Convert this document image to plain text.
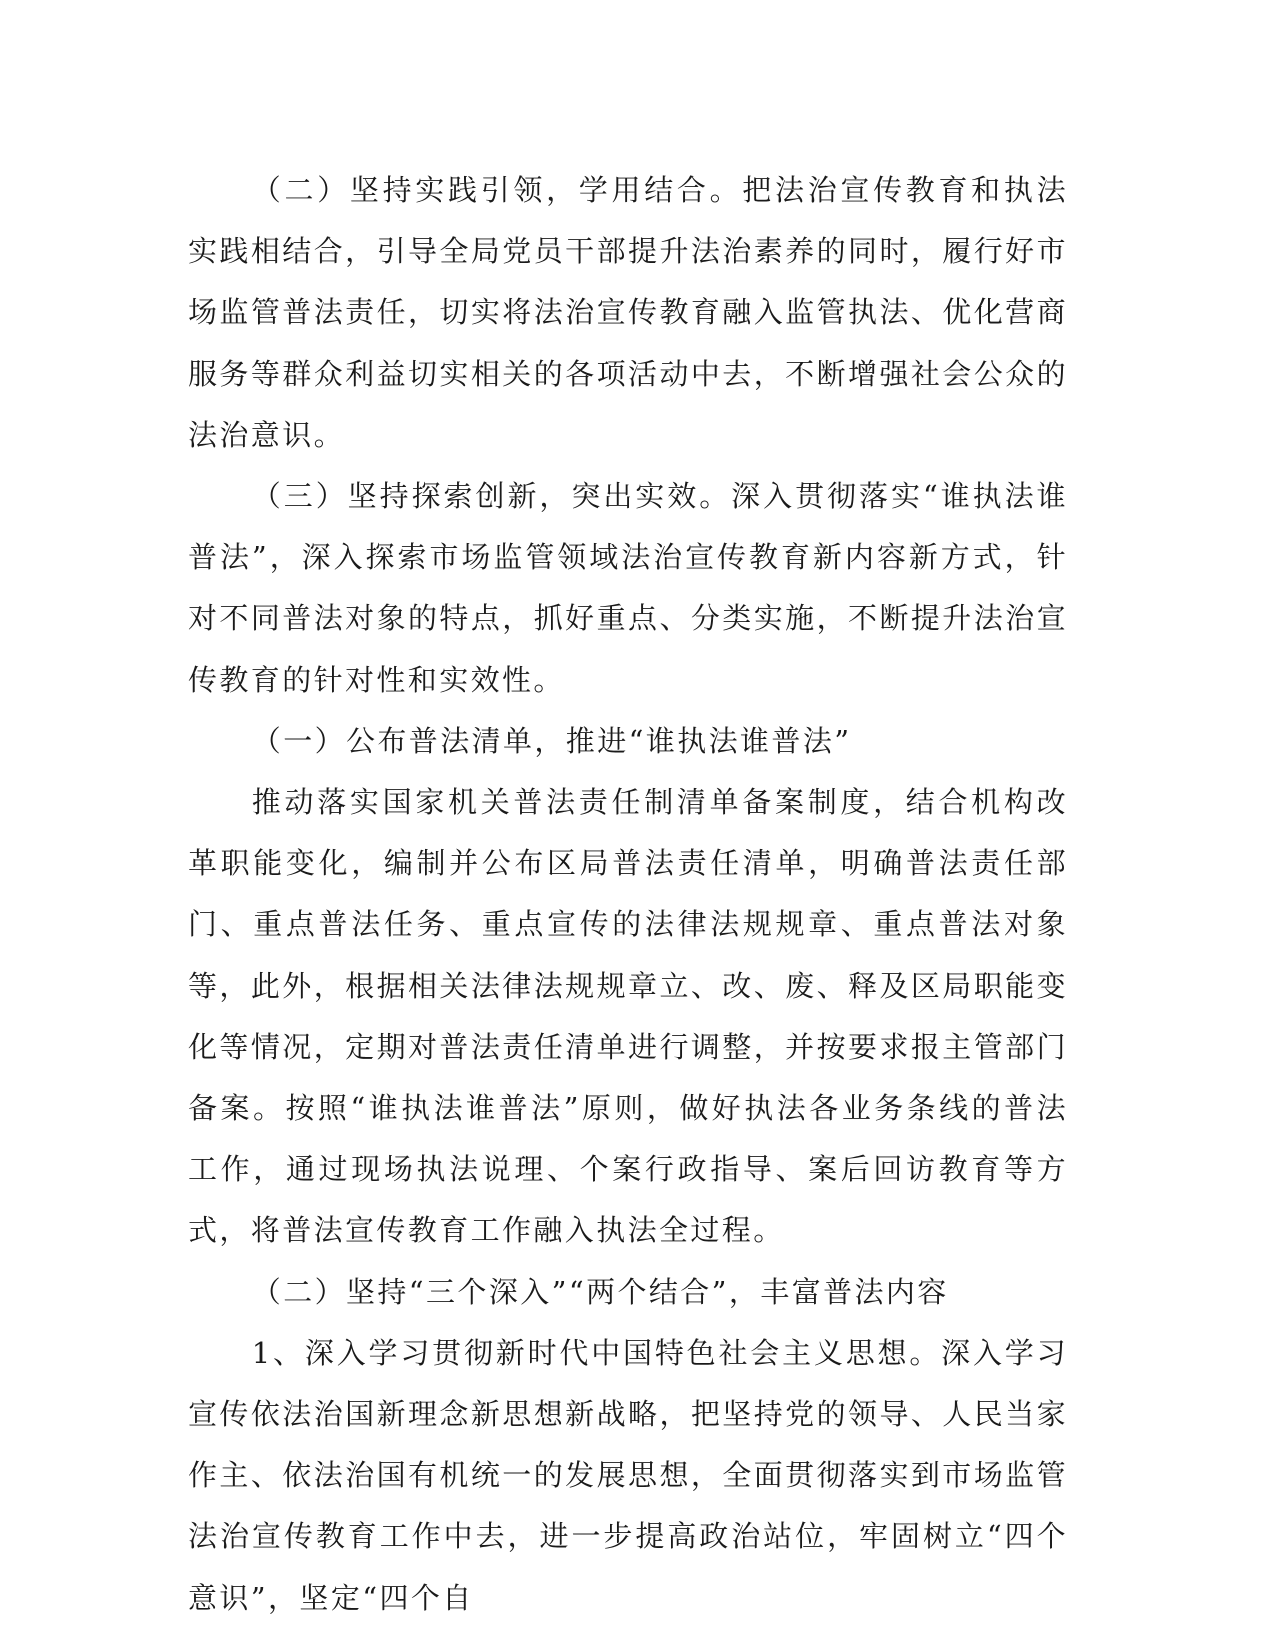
（二）坚持实践引领，学用结合。把法治宣传教育和执法实践相结合，引导全局党员干部提升法治素养的同时，履行好市场监管普法责任，切实将法治宣传教育融入监管执法、优化营商服务等群众利益切实相关的各项活动中去，不断增强社会公众的法治意识。

（三）坚持探索创新，突出实效。深入贯彻落实“谁执法谁普法”，深入探索市场监管领域法治宣传教育新内容新方式，针对不同普法对象的特点，抓好重点、分类实施，不断提升法治宣传教育的针对性和实效性。

（一）公布普法清单，推进“谁执法谁普法”

推动落实国家机关普法责任制清单备案制度，结合机构改革职能变化，编制并公布区局普法责任清单，明确普法责任部门、重点普法任务、重点宣传的法律法规规章、重点普法对象等，此外，根据相关法律法规规章立、改、废、释及区局职能变化等情况，定期对普法责任清单进行调整，并按要求报主管部门备案。按照“谁执法谁普法”原则，做好执法各业务条线的普法工作，通过现场执法说理、个案行政指导、案后回访教育等方式，将普法宣传教育工作融入执法全过程。

（二）坚持“三个深入”“两个结合”，丰富普法内容

1、深入学习贯彻新时代中国特色社会主义思想。深入学习宣传依法治国新理念新思想新战略，把坚持党的领导、人民当家作主、依法治国有机统一的发展思想，全面贯彻落实到市场监管法治宣传教育工作中去，进一步提高政治站位，牢固树立“四个意识”，坚定“四个自
